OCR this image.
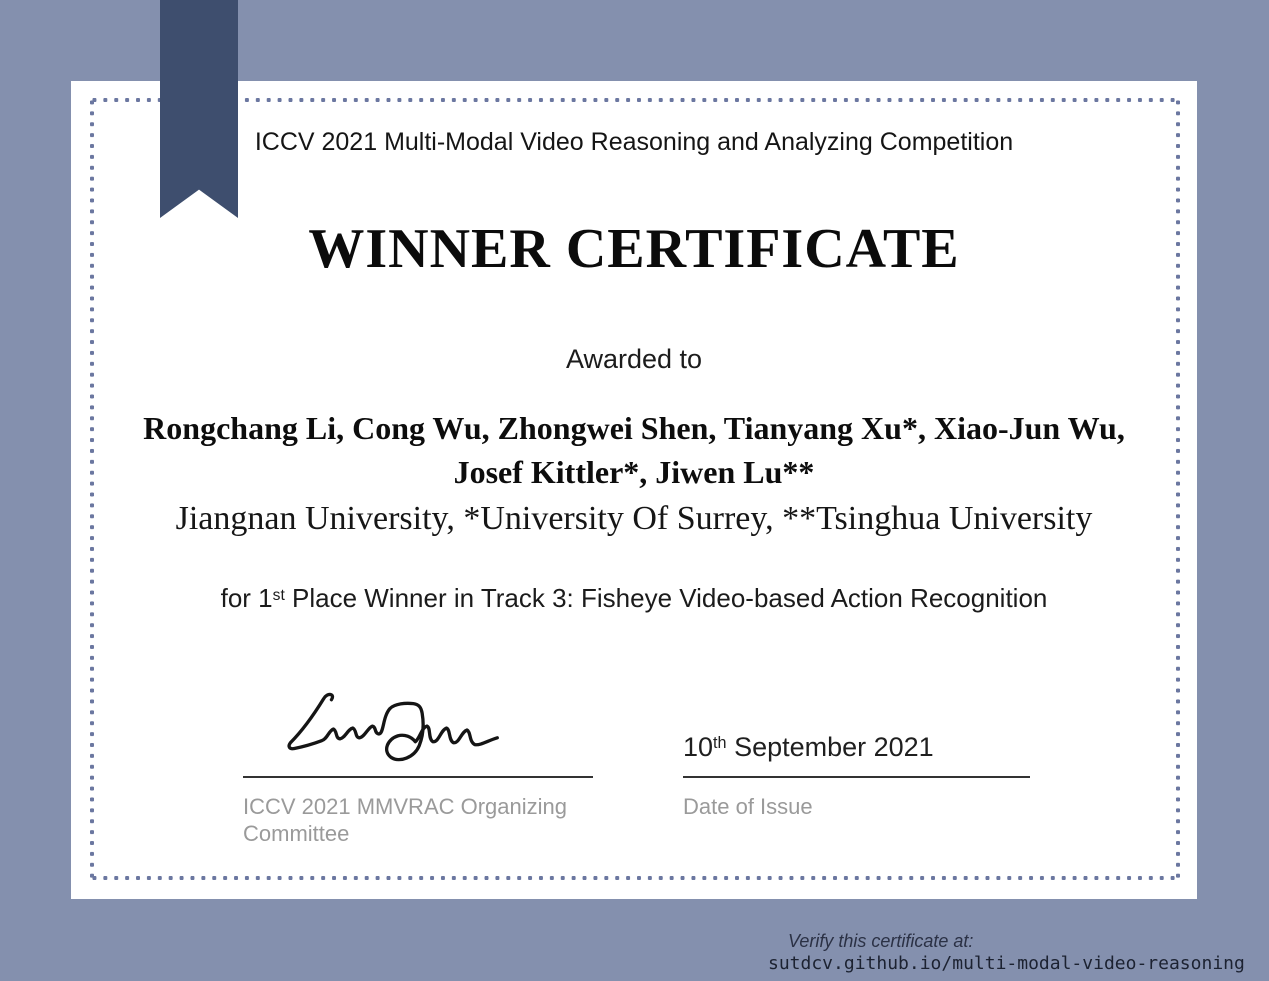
ICCV 2021 Multi-Modal Video Reasoning and Analyzing Competition
WINNER CERTIFICATE
Awarded to
Rongchang Li, Cong Wu, Zhongwei Shen, Tianyang Xu*, Xiao-Jun Wu,
Josef Kittler*, Jiwen Lu**
Jiangnan University, *University Of Surrey, **Tsinghua University
for 1st Place Winner in Track 3: Fisheye Video-based Action Recognition
ICCV 2021 MMVRAC Organizing Committee
10th September 2021
Date of Issue
Verify this certificate at:
sutdcv.github.io/multi-modal-video-reasoning
